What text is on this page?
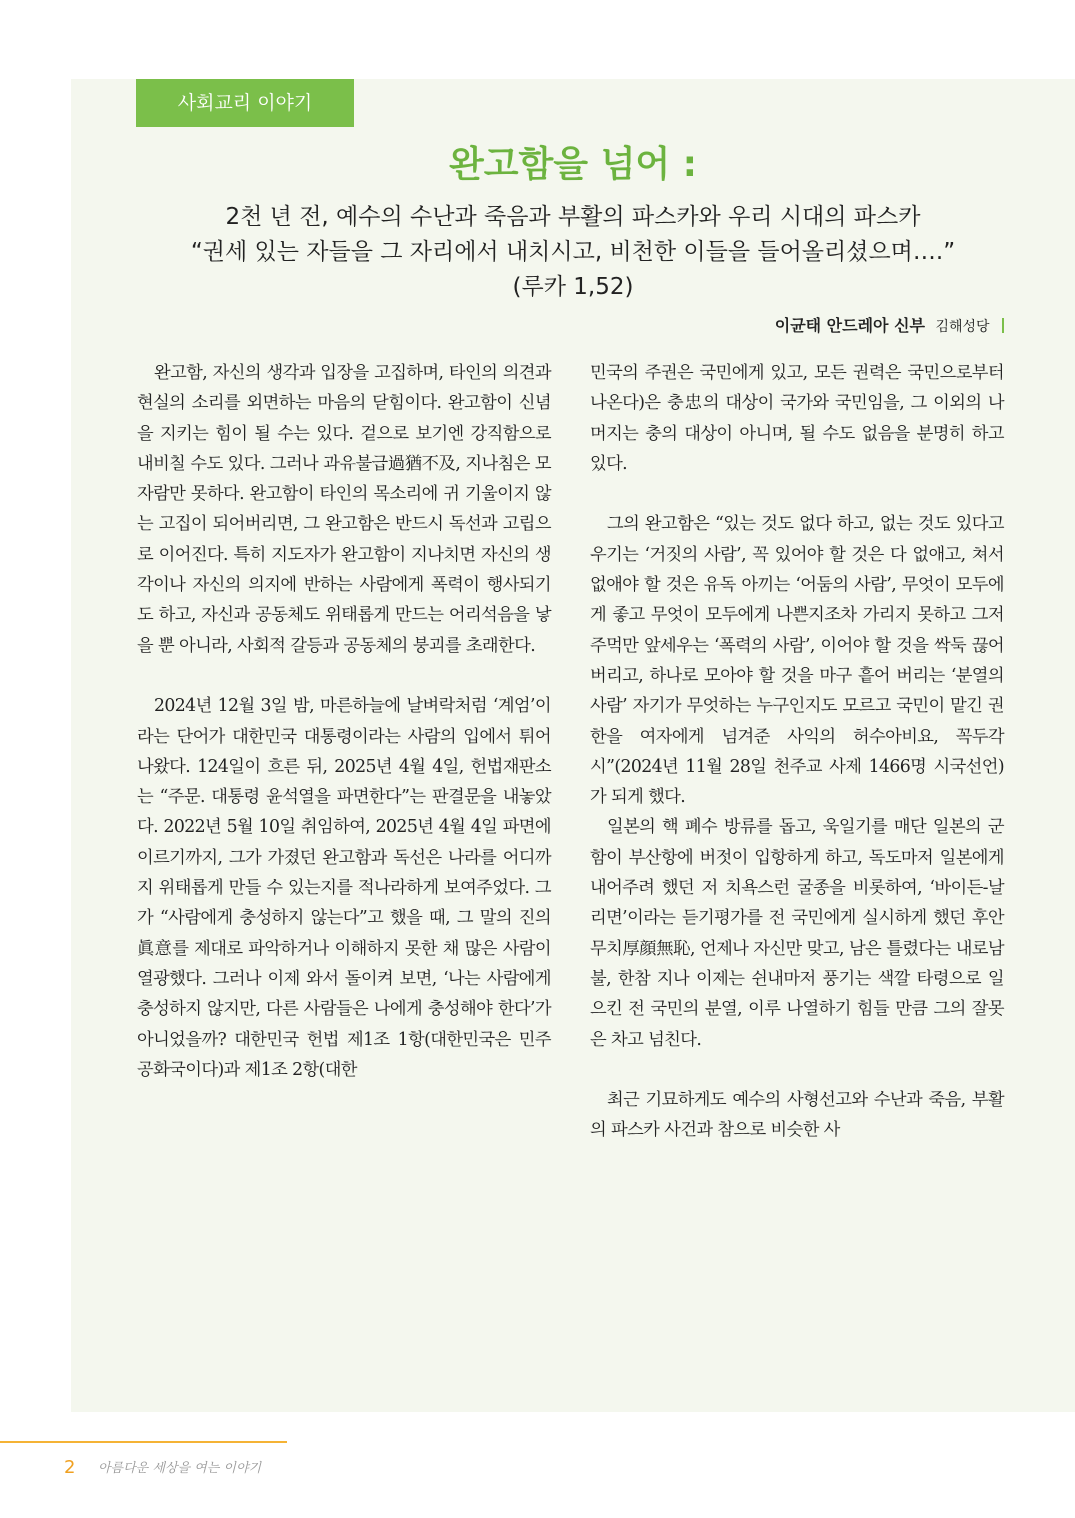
사회교리 이야기
완고함을 넘어 :
2천 년 전, 예수의 수난과 죽음과 부활의 파스카와 우리 시대의 파스카
“권세 있는 자들을 그 자리에서 내치시고, 비천한 이들을 들어올리셨으며….”
(루카 1,52)
이균태 안드레아 신부 김해성당

완고함, 자신의 생각과 입장을 고집하며, 타인의 의견과 현실의 소리를 외면하는 마음의 닫힘이다. 완고함이 신념을 지키는 힘이 될 수는 있다. 겉으로 보기엔 강직함으로 내비칠 수도 있다. 그러나 과유불급過猶不及, 지나침은 모자람만 못하다. 완고함이 타인의 목소리에 귀 기울이지 않는 고집이 되어버리면, 그 완고함은 반드시 독선과 고립으로 이어진다. 특히 지도자가 완고함이 지나치면 자신의 생각이나 자신의 의지에 반하는 사람에게 폭력이 행사되기도 하고, 자신과 공동체도 위태롭게 만드는 어리석음을 낳을 뿐 아니라, 사회적 갈등과 공동체의 붕괴를 초래한다.

2024년 12월 3일 밤, 마른하늘에 날벼락처럼 ‘계엄’이라는 단어가 대한민국 대통령이라는 사람의 입에서 튀어나왔다. 124일이 흐른 뒤, 2025년 4월 4일, 헌법재판소는 “주문. 대통령 윤석열을 파면한다”는 판결문을 내놓았다. 2022년 5월 10일 취임하여, 2025년 4월 4일 파면에 이르기까지, 그가 가졌던 완고함과 독선은 나라를 어디까지 위태롭게 만들 수 있는지를 적나라하게 보여주었다. 그가 “사람에게 충성하지 않는다”고 했을 때, 그 말의 진의眞意를 제대로 파악하거나 이해하지 못한 채 많은 사람이 열광했다. 그러나 이제 와서 돌이켜 보면, ‘나는 사람에게 충성하지 않지만, 다른 사람들은 나에게 충성해야 한다’가 아니었을까? 대한민국 헌법 제1조 1항(대한민국은 민주공화국이다)과 제1조 2항(대한

민국의 주권은 국민에게 있고, 모든 권력은 국민으로부터 나온다)은 충忠의 대상이 국가와 국민임을, 그 이외의 나머지는 충의 대상이 아니며, 될 수도 없음을 분명히 하고 있다.

그의 완고함은 “있는 것도 없다 하고, 없는 것도 있다고 우기는 ‘거짓의 사람’, 꼭 있어야 할 것은 다 없애고, 쳐서 없애야 할 것은 유독 아끼는 ‘어둠의 사람’, 무엇이 모두에게 좋고 무엇이 모두에게 나쁜지조차 가리지 못하고 그저 주먹만 앞세우는 ‘폭력의 사람’, 이어야 할 것을 싹둑 끊어 버리고, 하나로 모아야 할 것을 마구 흩어 버리는 ‘분열의 사람’ 자기가 무엇하는 누구인지도 모르고 국민이 맡긴 권한을 여자에게 넘겨준 사익의 허수아비요, 꼭두각시”(2024년 11월 28일 천주교 사제 1466명 시국선언)가 되게 했다.

일본의 핵 폐수 방류를 돕고, 욱일기를 매단 일본의 군함이 부산항에 버젓이 입항하게 하고, 독도마저 일본에게 내어주려 했던 저 치욕스런 굴종을 비롯하여, ‘바이든-날리면’이라는 듣기평가를 전 국민에게 실시하게 했던 후안무치厚顔無恥, 언제나 자신만 맞고, 남은 틀렸다는 내로남불, 한참 지나 이제는 쉰내마저 풍기는 색깔 타령으로 일으킨 전 국민의 분열, 이루 나열하기 힘들 만큼 그의 잘못은 차고 넘친다.

최근 기묘하게도 예수의 사형선고와 수난과 죽음, 부활의 파스카 사건과 참으로 비슷한 사

2 아름다운 세상을 여는 이야기
